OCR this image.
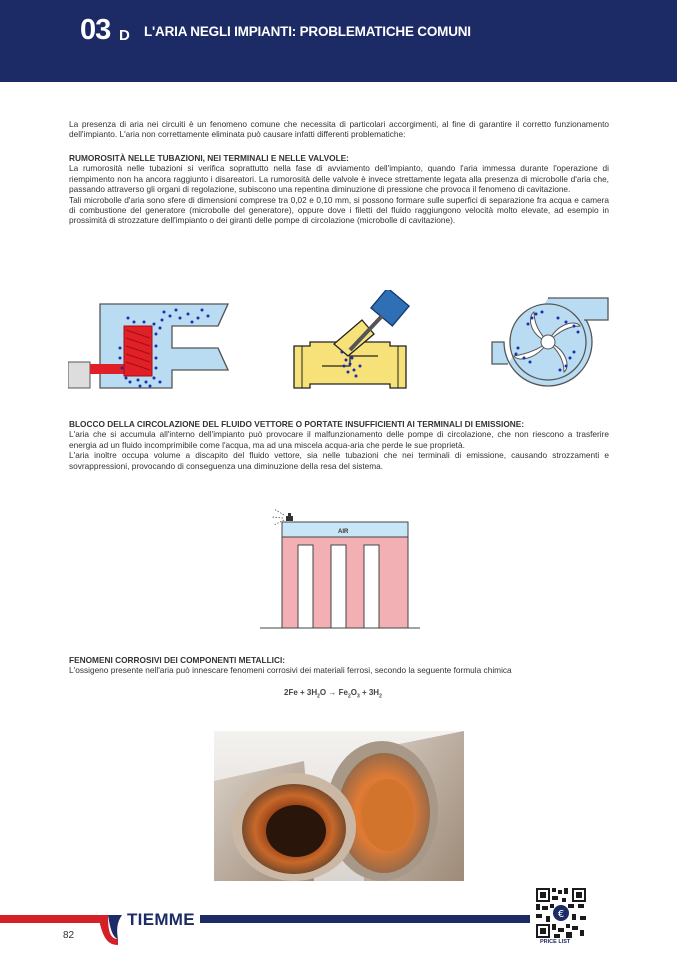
03 D L'ARIA NEGLI IMPIANTI: PROBLEMATICHE COMUNI

La presenza di aria nei circuiti è un fenomeno comune che necessita di particolari accorgimenti, al fine di garantire il corretto funzionamento dell'impianto. L'aria non correttamente eliminata può causare infatti differenti problematiche:

RUMOROSITÀ NELLE TUBAZIONI, NEI TERMINALI E NELLE VALVOLE:

La rumorosità nelle tubazioni si verifica soprattutto nella fase di avviamento dell'impianto, quando l'aria immessa durante l'operazione di riempimento non ha ancora raggiunto i disareatori. La rumorosità delle valvole è invece strettamente legata alla presenza di microbolle d'aria che, passando attraverso gli organi di regolazione, subiscono una repentina diminuzione di pressione che provoca il fenomeno di cavitazione.

Tali microbolle d'aria sono sfere di dimensioni comprese tra 0,02 e 0,10 mm, si possono formare sulle superfici di separazione fra acqua e camera di combustione del generatore (microbolle del generatore), oppure dove i filetti del fluido raggiungono velocità molto elevate, ad esempio in prossimità di strozzature dell'impianto o dei giranti delle pompe di circolazione (microbolle di cavitazione).

BLOCCO DELLA CIRCOLAZIONE DEL FLUIDO VETTORE O PORTATE INSUFFICIENTI AI TERMINALI DI EMISSIONE:

L'aria che si accumula all'interno dell'impianto può provocare il malfunzionamento delle pompe di circolazione, che non riescono a trasferire energia ad un fluido incomprimibile come l'acqua, ma ad una miscela acqua-aria che perde le sue proprietà.

L'aria inoltre occupa volume a discapito del fluido vettore, sia nelle tubazioni che nei terminali di emissione, causando strozzamenti e sovrappressioni, provocando di conseguenza una diminuzione della resa del sistema.

AIR

FENOMENI CORROSIVI DEI COMPONENTI METALLICI:

L'ossigeno presente nell'aria può innescare fenomeni corrosivi dei materiali ferrosi, secondo la seguente formula chimica

$2Fe + 3H_2O \to Fe_2O_3 + 3H_2$
TIEMME
82
€
PRICE LIST
